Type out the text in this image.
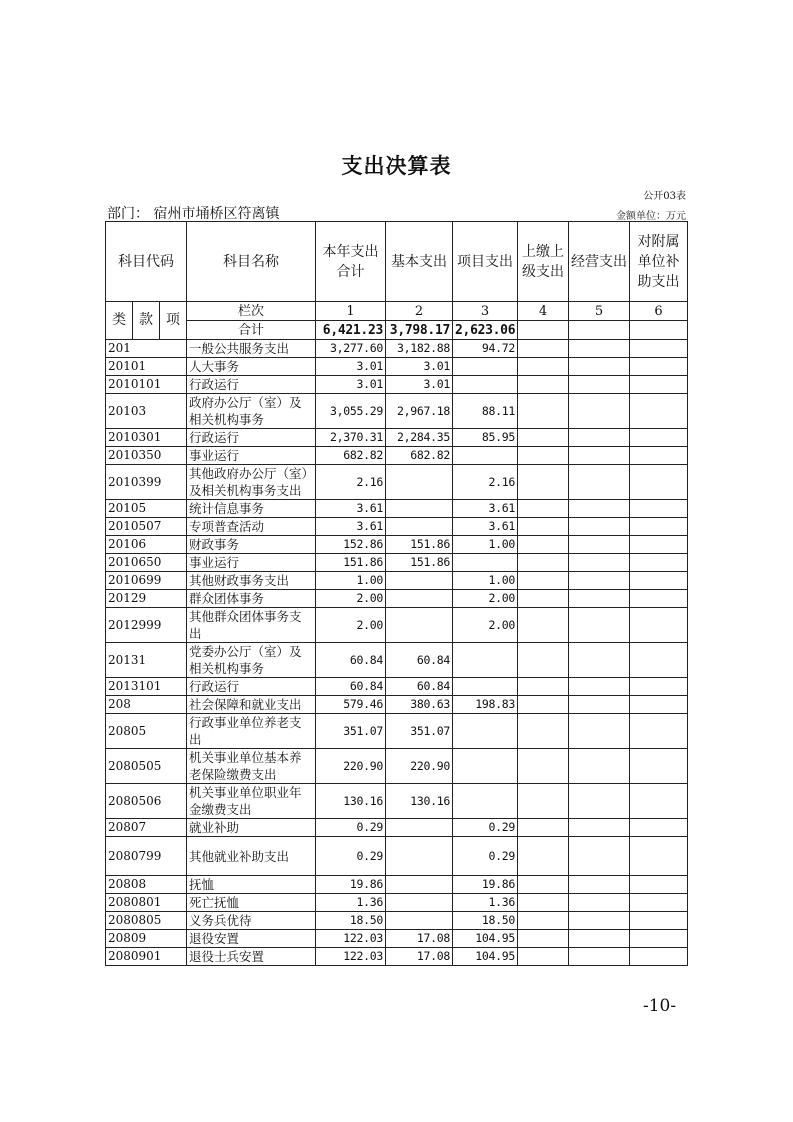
支出决算表
公开03表
部门： 宿州市埇桥区符离镇	金额单位：万元
科目代码			科目名称	本年支出合计	基本支出	项目支出	上缴上级支出	经营支出	对附属单位补助支出
类	款	项	栏次	1	2	3	4	5	6
			合计	6,421.23	3,798.17	2,623.06			
201			一般公共服务支出	3,277.60	3,182.88	94.72			
20101			人大事务	3.01	3.01				
2010101			行政运行	3.01	3.01				
20103			政府办公厅（室）及相关机构事务	3,055.29	2,967.18	88.11			
2010301			行政运行	2,370.31	2,284.35	85.95			
2010350			事业运行	682.82	682.82				
2010399			其他政府办公厅（室）及相关机构事务支出	2.16		2.16			
20105			统计信息事务	3.61		3.61			
2010507			专项普查活动	3.61		3.61			
20106			财政事务	152.86	151.86	1.00			
2010650			事业运行	151.86	151.86				
2010699			其他财政事务支出	1.00		1.00			
20129			群众团体事务	2.00		2.00			
2012999			其他群众团体事务支出	2.00		2.00			
20131			党委办公厅（室）及相关机构事务	60.84	60.84				
2013101			行政运行	60.84	60.84				
208			社会保障和就业支出	579.46	380.63	198.83			
20805			行政事业单位养老支出	351.07	351.07				
2080505			机关事业单位基本养老保险缴费支出	220.90	220.90				
2080506			机关事业单位职业年金缴费支出	130.16	130.16				
20807			就业补助	0.29		0.29			
2080799			其他就业补助支出	0.29		0.29			
20808			抚恤	19.86		19.86			
2080801			死亡抚恤	1.36		1.36			
2080805			义务兵优待	18.50		18.50			
20809			退役安置	122.03	17.08	104.95			
2080901			退役士兵安置	122.03	17.08	104.95			
-10-
